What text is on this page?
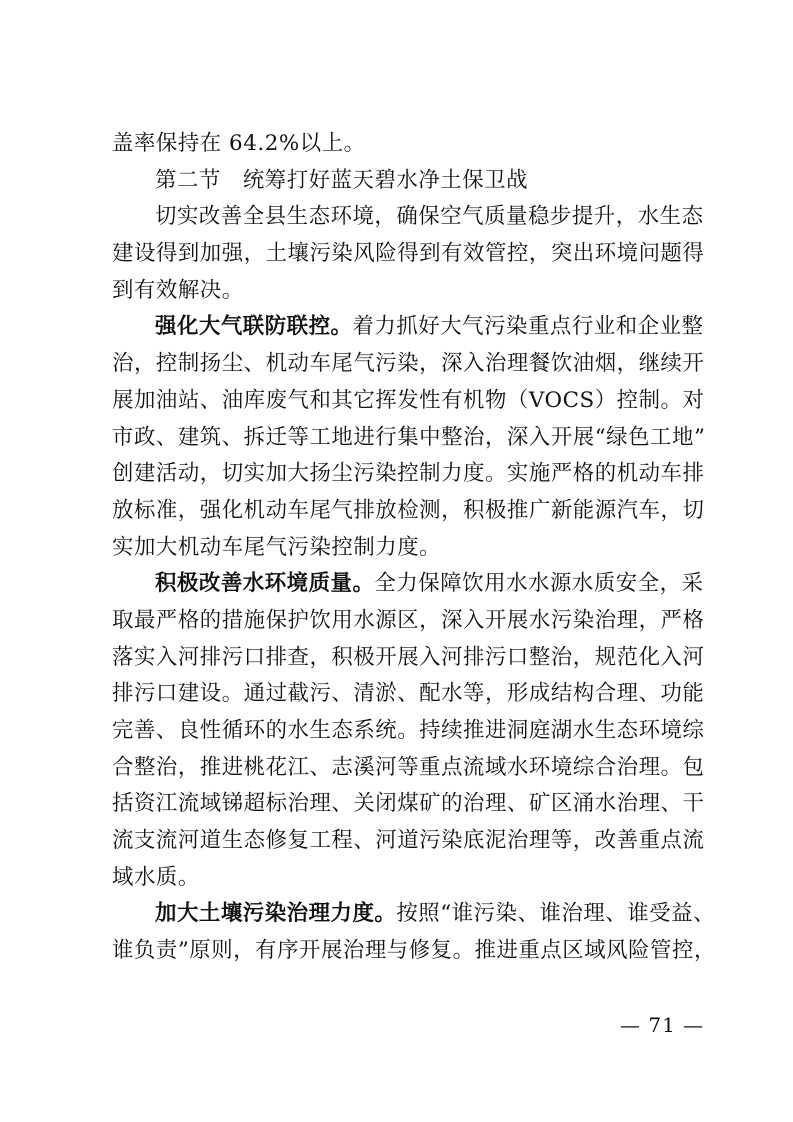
盖率保持在 64.2%以上。
第二节 统筹打好蓝天碧水净土保卫战
切实改善全县生态环境，确保空气质量稳步提升，水生态
建设得到加强，土壤污染风险得到有效管控，突出环境问题得
到有效解决。
强化大气联防联控。着力抓好大气污染重点行业和企业整
治，控制扬尘、机动车尾气污染，深入治理餐饮油烟，继续开
展加油站、油库废气和其它挥发性有机物（VOCS）控制。对
市政、建筑、拆迁等工地进行集中整治，深入开展“绿色工地”
创建活动，切实加大扬尘污染控制力度。实施严格的机动车排
放标准，强化机动车尾气排放检测，积极推广新能源汽车，切
实加大机动车尾气污染控制力度。
积极改善水环境质量。全力保障饮用水水源水质安全，采
取最严格的措施保护饮用水源区，深入开展水污染治理，严格
落实入河排污口排查，积极开展入河排污口整治，规范化入河
排污口建设。通过截污、清淤、配水等，形成结构合理、功能
完善、良性循环的水生态系统。持续推进洞庭湖水生态环境综
合整治，推进桃花江、志溪河等重点流域水环境综合治理。包
括资江流域锑超标治理、关闭煤矿的治理、矿区涌水治理、干
流支流河道生态修复工程、河道污染底泥治理等，改善重点流
域水质。
加大土壤污染治理力度。按照“谁污染、谁治理、谁受益、
谁负责”原则，有序开展治理与修复。推进重点区域风险管控，
— 71 —
